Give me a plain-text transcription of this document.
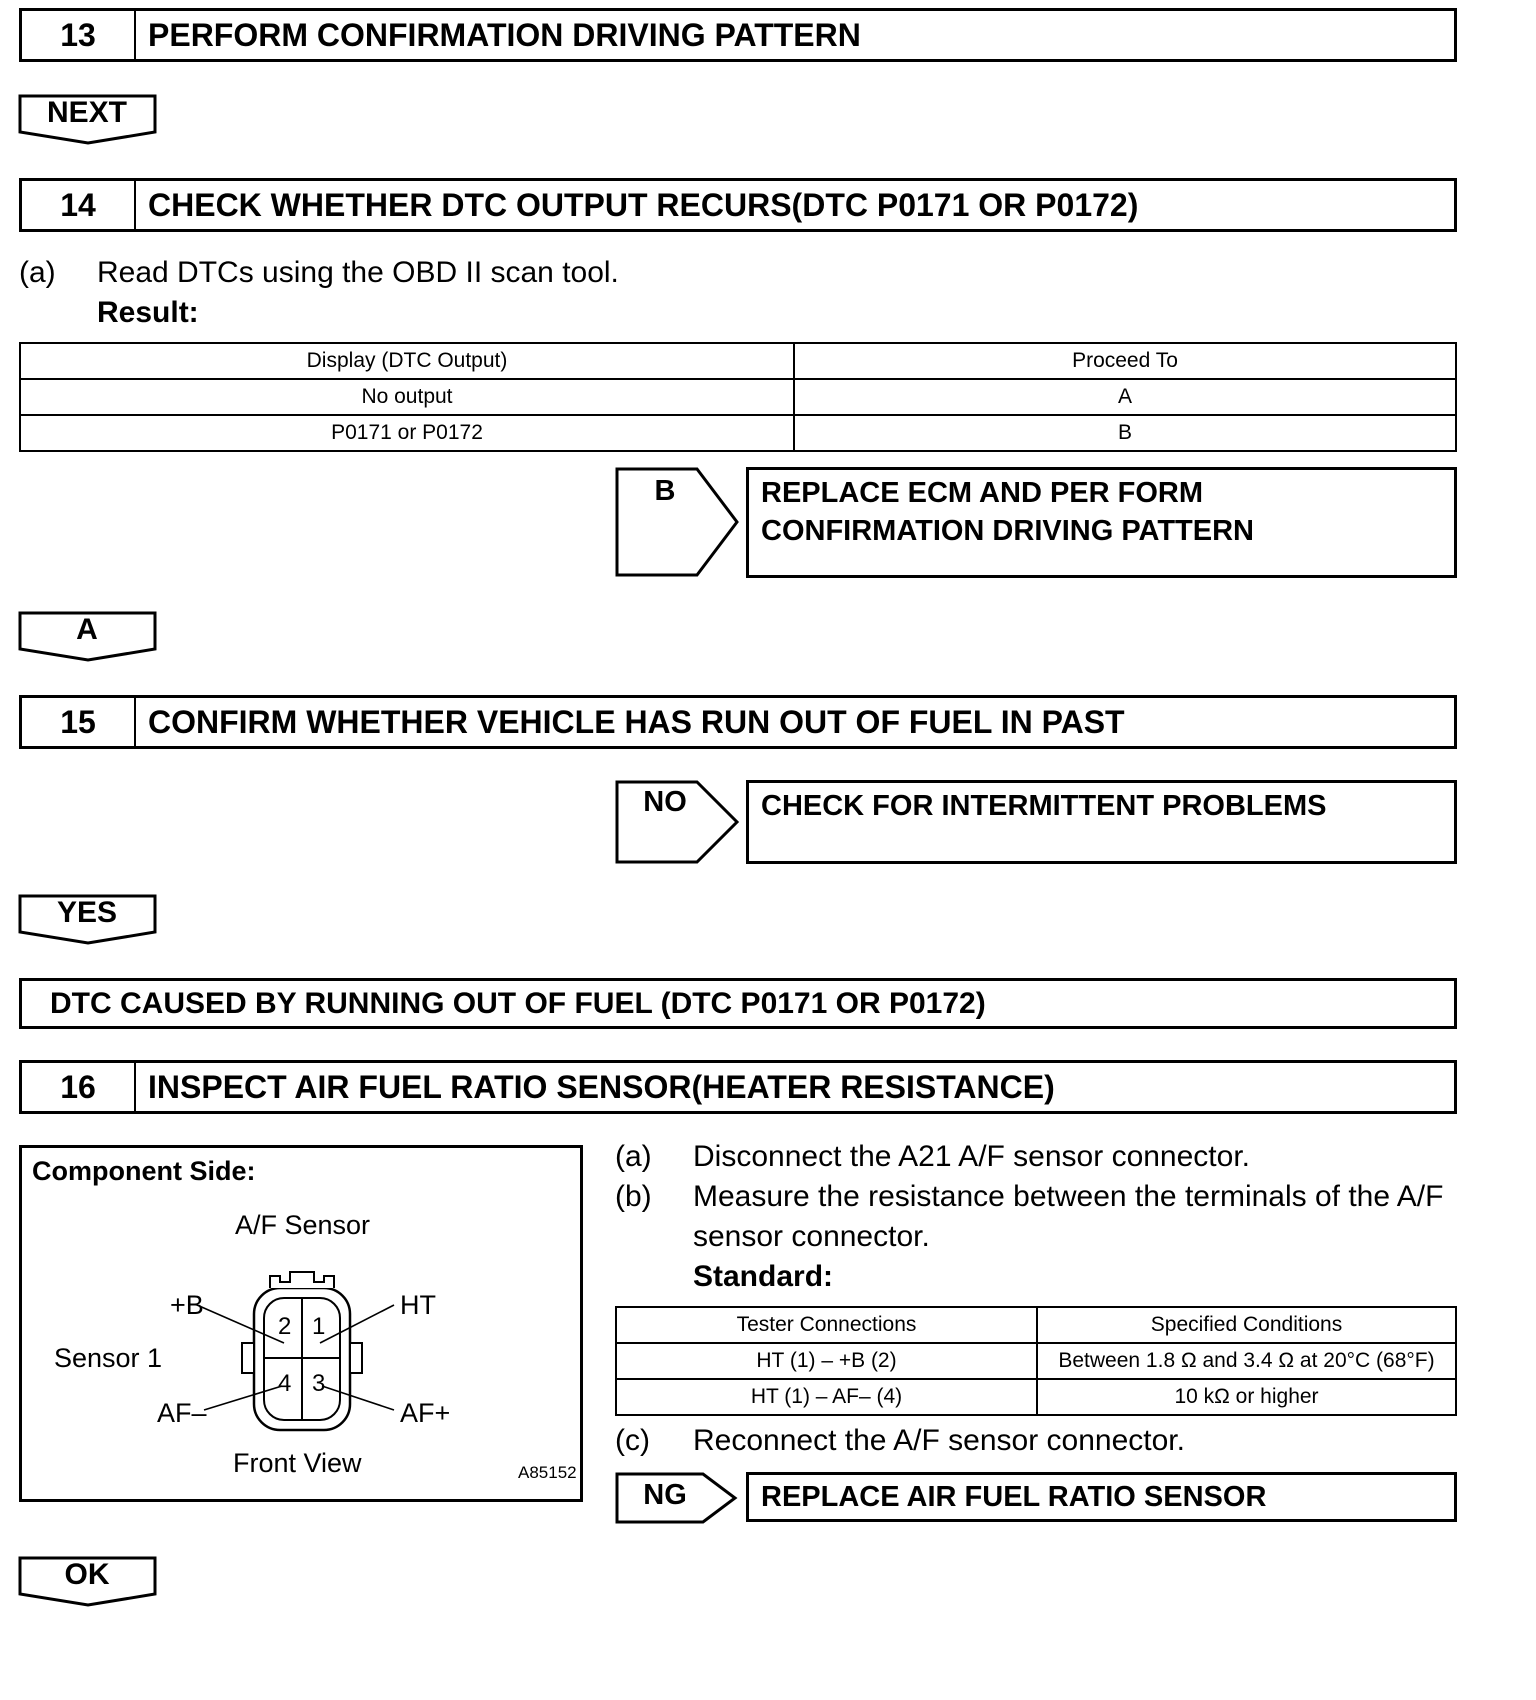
13	PERFORM CONFIRMATION DRIVING PATTERN
NEXT
14	CHECK WHETHER DTC OUTPUT RECURS(DTC P0171 OR P0172)
(a) Read DTCs using the OBD II scan tool.
Result:
Display (DTC Output)	Proceed To
No output	A
P0171 or P0172	B
B	REPLACE ECM AND PER FORM
CONFIRMATION DRIVING PATTERN
A
15	CONFIRM WHETHER VEHICLE HAS RUN OUT OF FUEL IN PAST
NO	CHECK FOR INTERMITTENT PROBLEMS
YES
DTC CAUSED BY RUNNING OUT OF FUEL (DTC P0171 OR P0172)
16	INSPECT AIR FUEL RATIO SENSOR(HEATER RESISTANCE)
Component Side:
A/F Sensor
Sensor 1
+B	HT
AF–	AF+
2 1
4 3
Front View	A85152
(a) Disconnect the A21 A/F sensor connector.
(b) Measure the resistance between the terminals of the A/F
sensor connector.
Standard:
Tester Connections	Specified Conditions
HT (1) – +B (2)	Between 1.8 Ω and 3.4 Ω at 20°C (68°F)
HT (1) – AF– (4)	10 kΩ or higher
(c) Reconnect the A/F sensor connector.
NG	REPLACE AIR FUEL RATIO SENSOR
OK
